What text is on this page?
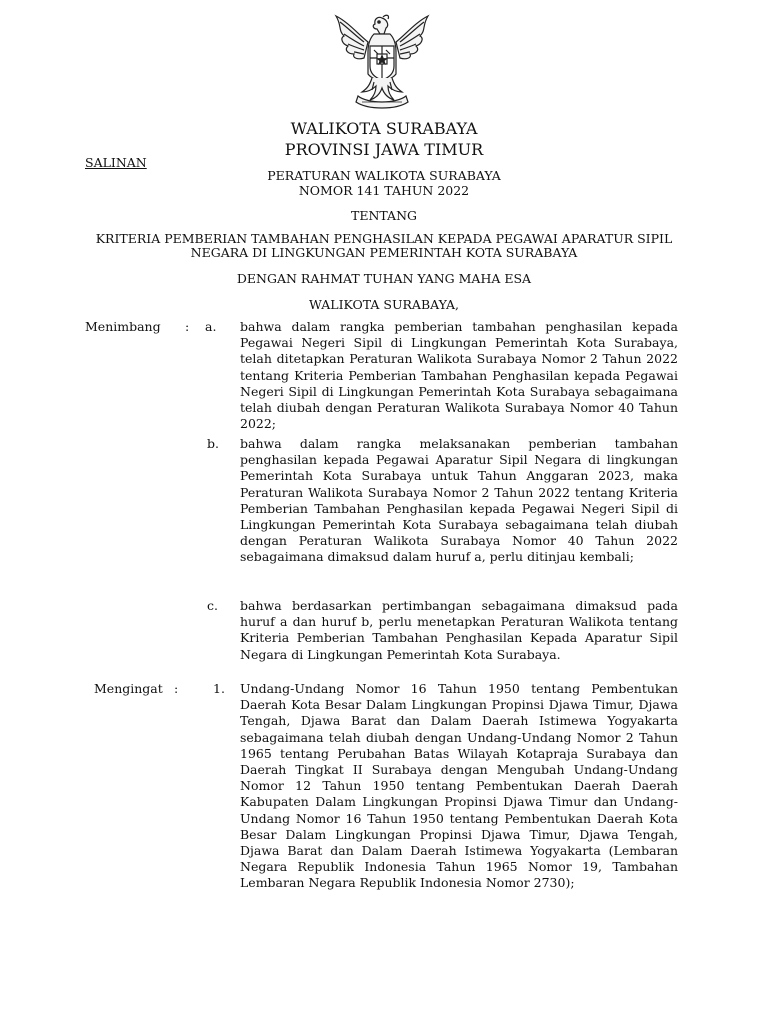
WALIKOTA SURABAYA
PROVINSI JAWA TIMUR
SALINAN
PERATURAN WALIKOTA SURABAYA
NOMOR 141 TAHUN 2022
TENTANG
KRITERIA PEMBERIAN TAMBAHAN PENGHASILAN KEPADA PEGAWAI APARATUR SIPIL
NEGARA DI LINGKUNGAN PEMERINTAH KOTA SURABAYA
DENGAN RAHMAT TUHAN YANG MAHA ESA
WALIKOTA SURABAYA,
Menimbang : a. bahwa dalam rangka pemberian tambahan penghasilan kepada Pegawai Negeri Sipil di Lingkungan Pemerintah Kota Surabaya, telah ditetapkan Peraturan Walikota Surabaya Nomor 2 Tahun 2022 tentang Kriteria Pemberian Tambahan Penghasilan kepada Pegawai Negeri Sipil di Lingkungan Pemerintah Kota Surabaya sebagaimana telah diubah dengan Peraturan Walikota Surabaya Nomor 40 Tahun 2022;
b. bahwa dalam rangka melaksanakan pemberian tambahan penghasilan kepada Pegawai Aparatur Sipil Negara di lingkungan Pemerintah Kota Surabaya untuk Tahun Anggaran 2023, maka Peraturan Walikota Surabaya Nomor 2 Tahun 2022 tentang Kriteria Pemberian Tambahan Penghasilan kepada Pegawai Negeri Sipil di Lingkungan Pemerintah Kota Surabaya sebagaimana telah diubah dengan Peraturan Walikota Surabaya Nomor 40 Tahun 2022 sebagaimana dimaksud dalam huruf a, perlu ditinjau kembali;
c. bahwa berdasarkan pertimbangan sebagaimana dimaksud pada huruf a dan huruf b, perlu menetapkan Peraturan Walikota tentang Kriteria Pemberian Tambahan Penghasilan Kepada Aparatur Sipil Negara di Lingkungan Pemerintah Kota Surabaya.
Mengingat :	1. Undang-Undang Nomor 16 Tahun 1950 tentang Pembentukan Daerah Kota Besar Dalam Lingkungan Propinsi Djawa Timur, Djawa Tengah, Djawa Barat dan Dalam Daerah Istimewa Yogyakarta sebagaimana telah diubah dengan Undang-Undang Nomor 2 Tahun 1965 tentang Perubahan Batas Wilayah Kotapraja Surabaya dan Daerah Tingkat II Surabaya dengan Mengubah Undang-Undang Nomor 12 Tahun 1950 tentang Pembentukan Daerah Daerah Kabupaten Dalam Lingkungan Propinsi Djawa Timur dan Undang-Undang Nomor 16 Tahun 1950 tentang Pembentukan Daerah Kota Besar Dalam Lingkungan Propinsi Djawa Timur, Djawa Tengah, Djawa Barat dan Dalam Daerah Istimewa Yogyakarta (Lembaran Negara Republik Indonesia Tahun 1965 Nomor 19, Tambahan Lembaran Negara Republik Indonesia Nomor 2730);
